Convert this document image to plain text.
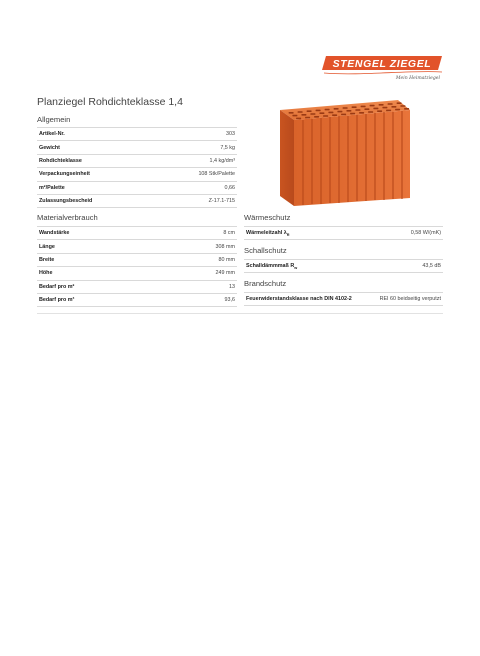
STENGEL ZIEGEL
Mein Heimatziegel
Planziegel Rohdichteklasse 1,4
Allgemein
Artikel-Nr.	303
Gewicht	7,5 kg
Rohdichteklasse	1,4 kg/dm³
Verpackungseinheit	108 Stk/Palette
m²/Palette	0,66
Zulassungsbescheid	Z-17.1-715
Materialverbrauch
Wandstärke	8 cm
Länge	308 mm
Breite	80 mm
Höhe	249 mm
Bedarf pro m²	13
Bedarf pro m³	93,6
Wärmeschutz
Wärmeleitzahl $\lambda_R$	0,58 W/(mK)
Schallschutz
Schalldämmmaß $R_w$	43,5 dB
Brandschutz
Feuerwiderstandsklasse nach DIN 4102-2	REI 60 beidseitig verputzt
